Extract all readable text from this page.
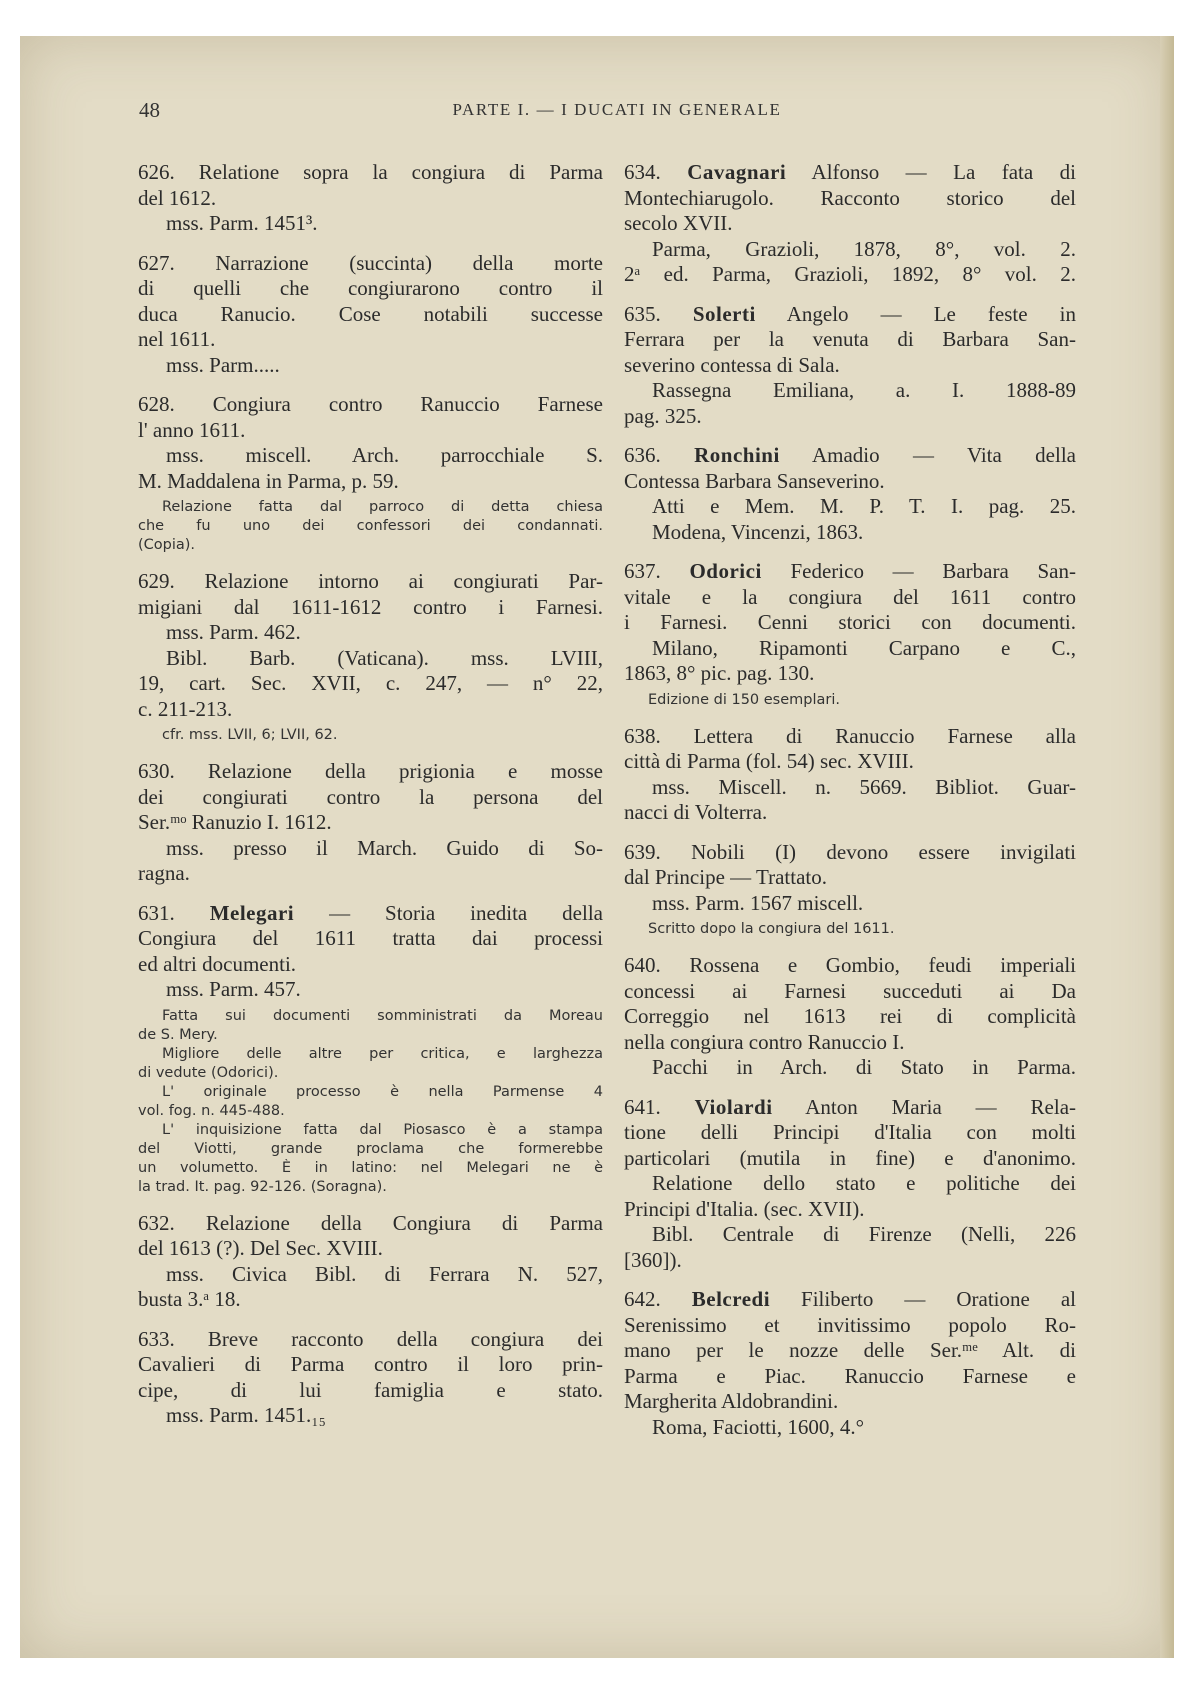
48	PARTE I. — I DUCATI IN GENERALE
626. Relatione sopra la congiura di Parma
del 1612.
mss. Parm. 1451³.
627. Narrazione (succinta) della morte
di quelli che congiurarono contro il
duca Ranucio. Cose notabili successe
nel 1611.
mss. Parm.....
628. Congiura contro Ranuccio Farnese
l' anno 1611.
mss. miscell. Arch. parrocchiale S.
M. Maddalena in Parma, p. 59.
Relazione fatta dal parroco di detta chiesa
che fu uno dei confessori dei condannati.
(Copia).
629. Relazione intorno ai congiurati Par-
migiani dal 1611-1612 contro i Farnesi.
mss. Parm. 462.
Bibl. Barb. (Vaticana). mss. LVIII,
19, cart. Sec. XVII, c. 247, — n° 22,
c. 211-213.
cfr. mss. LVII, 6; LVII, 62.
630. Relazione della prigionia e mosse
dei congiurati contro la persona del
Ser.ᵐᵒ Ranuzio I. 1612.
mss. presso il March. Guido di So-
ragna.
631. Melegari — Storia inedita della
Congiura del 1611 tratta dai processi
ed altri documenti.
mss. Parm. 457.
Fatta sui documenti somministrati da Moreau
de S. Mery.
Migliore delle altre per critica, e larghezza
di vedute (Odorici).
L' originale processo è nella Parmense 4
vol. fog. n. 445-488.
L' inquisizione fatta dal Piosasco è a stampa
del Viotti, grande proclama che formerebbe
un volumetto. È in latino: nel Melegari ne è
la trad. It. pag. 92-126. (Soragna).
632. Relazione della Congiura di Parma
del 1613 (?). Del Sec. XVIII.
mss. Civica Bibl. di Ferrara N. 527,
busta 3.ᵃ 18.
633. Breve racconto della congiura dei
Cavalieri di Parma contro il loro prin-
cipe, di lui famiglia e stato.
mss. Parm. 1451.₁₅
634. Cavagnari Alfonso — La fata di
Montechiarugolo. Racconto storico del
secolo XVII.
Parma, Grazioli, 1878, 8°, vol. 2.
2ᵃ ed. Parma, Grazioli, 1892, 8° vol. 2.
635. Solerti Angelo — Le feste in
Ferrara per la venuta di Barbara San-
severino contessa di Sala.
Rassegna Emiliana, a. I. 1888-89
pag. 325.
636. Ronchini Amadio — Vita della
Contessa Barbara Sanseverino.
Atti e Mem. M. P. T. I. pag. 25.
Modena, Vincenzi, 1863.
637. Odorici Federico — Barbara San-
vitale e la congiura del 1611 contro
i Farnesi. Cenni storici con documenti.
Milano, Ripamonti Carpano e C.,
1863, 8° pic. pag. 130.
Edizione di 150 esemplari.
638. Lettera di Ranuccio Farnese alla
città di Parma (fol. 54) sec. XVIII.
mss. Miscell. n. 5669. Bibliot. Guar-
nacci di Volterra.
639. Nobili (I) devono essere invigilati
dal Principe — Trattato.
mss. Parm. 1567 miscell.
Scritto dopo la congiura del 1611.
640. Rossena e Gombio, feudi imperiali
concessi ai Farnesi succeduti ai Da
Correggio nel 1613 rei di complicità
nella congiura contro Ranuccio I.
Pacchi in Arch. di Stato in Parma.
641. Violardi Anton Maria — Rela-
tione delli Principi d'Italia con molti
particolari (mutila in fine) e d'anonimo.
Relatione dello stato e politiche dei
Principi d'Italia. (sec. XVII).
Bibl. Centrale di Firenze (Nelli, 226
[360]).
642. Belcredi Filiberto — Oratione al
Serenissimo et invitissimo popolo Ro-
mano per le nozze delle Ser.ᵐᵉ Alt. di
Parma e Piac. Ranuccio Farnese e
Margherita Aldobrandini.
Roma, Faciotti, 1600, 4.°
